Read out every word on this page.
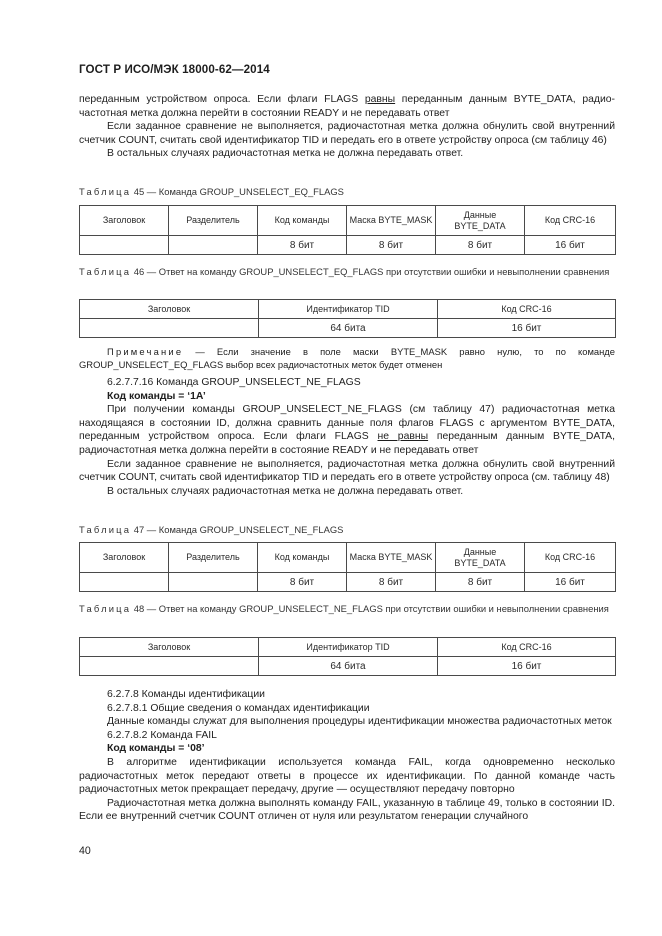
ГОСТ Р ИСО/МЭК 18000-62—2014

переданным устройством опроса. Если флаги FLAGS равны переданным данным BYTE_DATA, радио-частотная метка должна перейти в состоянии READY и не передавать ответ

Если заданное сравнение не выполняется, радиочастотная метка должна обнулить свой внутренний счетчик COUNT, считать свой идентификатор TID и передать его в ответе устройству опроса (см таблицу 46)

В остальных случаях радиочастотная метка не должна передавать ответ.

Таблица 45 — Команда GROUP_UNSELECT_EQ_FLAGS
Заголовок	Разделитель	Код команды	Маска BYTE_MASK	Данные BYTE_DATA	Код CRC-16
		8 бит	8 бит	8 бит	16 бит
Таблица 46 — Ответ на команду GROUP_UNSELECT_EQ_FLAGS при отсутствии ошибки и невыполнении сравнения
Заголовок	Идентификатор TID	Код CRC-16
	64 бита	16 бит
Примечание — Если значение в поле маски BYTE_MASK равно нулю, то по команде GROUP_UNSELECT_EQ_FLAGS выбор всех радиочастотных меток будет отменен

6.2.7.7.16 Команда GROUP_UNSELECT_NE_FLAGS

Код команды = ‘1A’

При получении команды GROUP_UNSELECT_NE_FLAGS (см таблицу 47) радиочастотная метка находящаяся в состоянии ID, должна сравнить данные поля флагов FLAGS с аргументом BYTE_DATA, переданным устройством опроса. Если флаги FLAGS не равны переданным данным BYTE_DATA, радиочастотная метка должна перейти в состояние READY и не передавать ответ

Если заданное сравнение не выполняется, радиочастотная метка должна обнулить свой внутренний счетчик COUNT, считать свой идентификатор TID и передать его в ответе устройству опроса (см. таблицу 48)

В остальных случаях радиочастотная метка не должна передавать ответ.

Таблица 47 — Команда GROUP_UNSELECT_NE_FLAGS
Заголовок	Разделитель	Код команды	Маска BYTE_MASK	Данные BYTE_DATA	Код CRC-16
		8 бит	8 бит	8 бит	16 бит
Таблица 48 — Ответ на команду GROUP_UNSELECT_NE_FLAGS при отсутствии ошибки и невыполнении сравнения
Заголовок	Идентификатор TID	Код CRC-16
	64 бита	16 бит

6.2.7.8 Команды идентификации

6.2.7.8.1 Общие сведения о командах идентификации

Данные команды служат для выполнения процедуры идентификации множества радиочастотных меток

6.2.7.8.2 Команда FAIL

Код команды = ‘08’

В алгоритме идентификации используется команда FAIL, когда одновременно несколько радиочастотных меток передают ответы в процессе их идентификации. По данной команде часть радиочастотных меток прекращает передачу, другие — осуществляют передачу повторно

Радиочастотная метка должна выполнять команду FAIL, указанную в таблице 49, только в состоянии ID. Если ее внутренний счетчик COUNT отличен от нуля или результатом генерации случайного

40
